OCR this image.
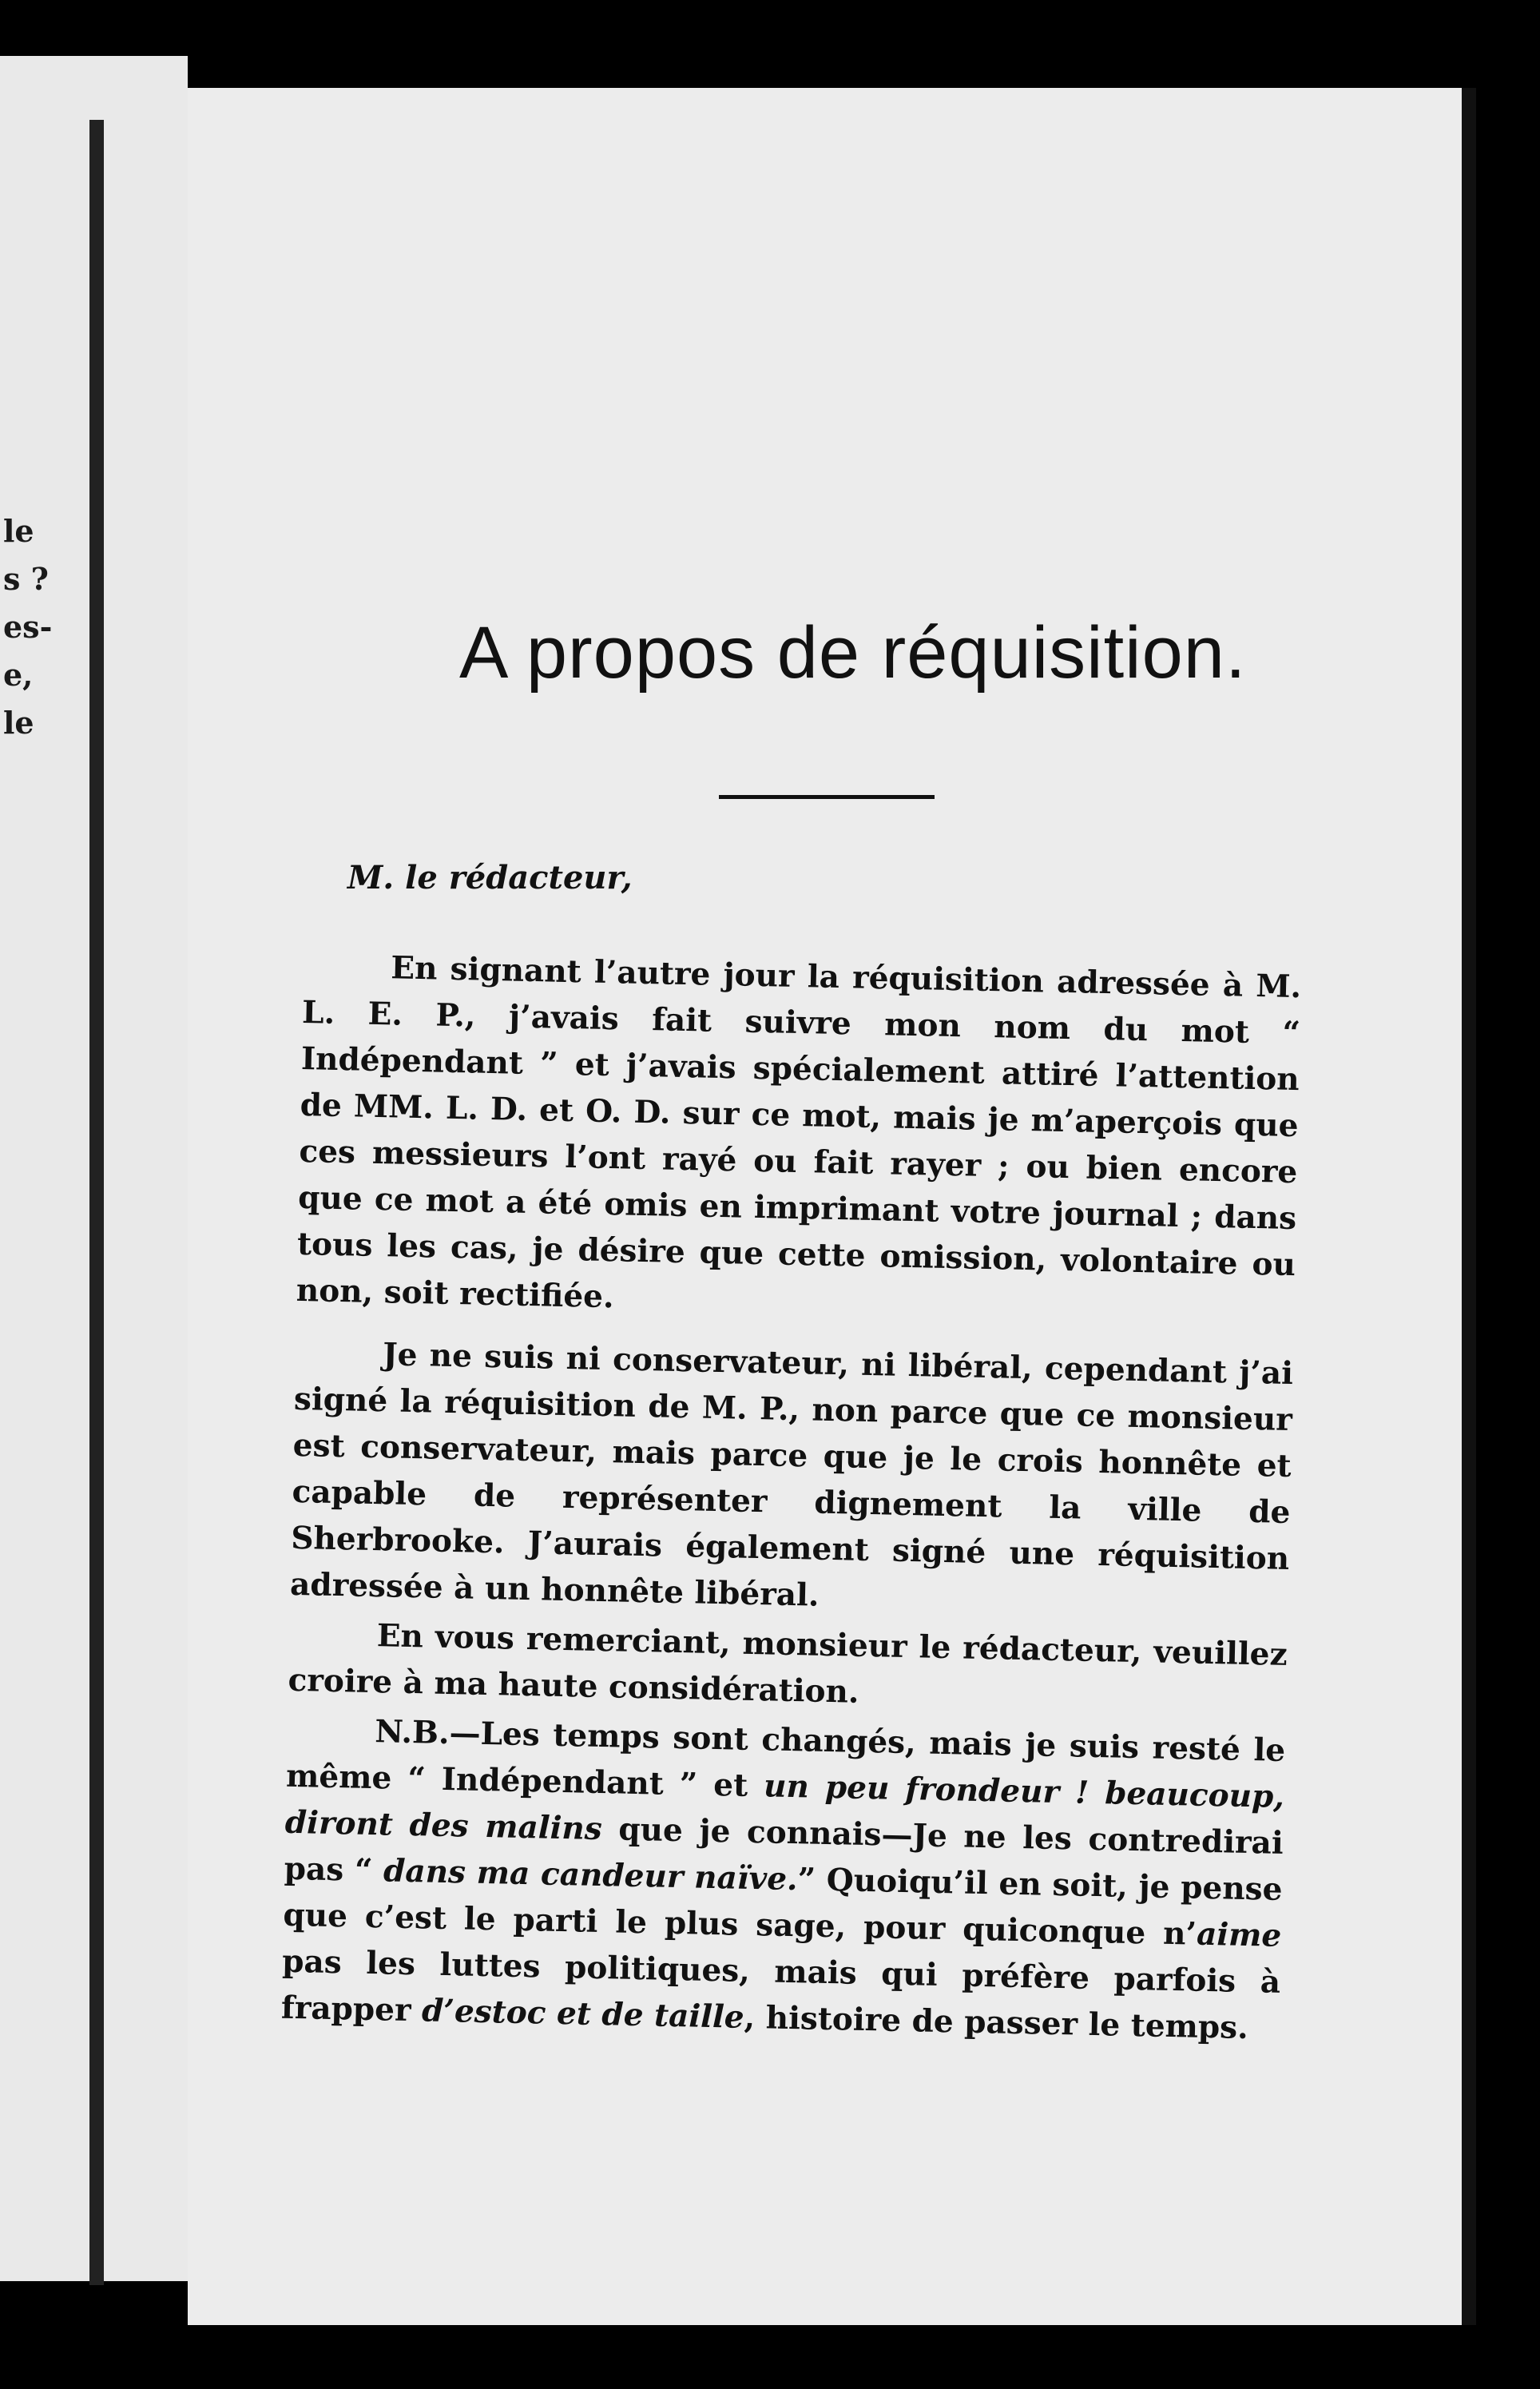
le
s ?
es-
e,
le
A propos de réquisition.
M. le rédacteur,

En signant l’autre jour la réquisition adressée à M. L. E. P., j’avais fait suivre mon nom du mot “ Indépendant ” et j’avais spécialement attiré l’attention de MM. L. D. et O. D. sur ce mot, mais je m’aperçois que ces messieurs l’ont rayé ou fait rayer ; ou bien encore que ce mot a été omis en imprimant votre journal ; dans tous les cas, je désire que cette omission, volontaire ou non, soit rectifiée.

Je ne suis ni conservateur, ni libéral, cependant j’ai signé la réquisition de M. P., non parce que ce monsieur est conservateur, mais parce que je le crois honnête et capable de représenter dignement la ville de Sherbrooke. J’aurais également signé une réquisition adressée à un honnête libéral.

En vous remerciant, monsieur le rédacteur, veuillez croire à ma haute considération.

N.B.—Les temps sont changés, mais je suis resté le même “ Indépendant ” et un peu frondeur ! beaucoup, diront des malins que je connais—Je ne les contredirai pas “ dans ma candeur naïve.” Quoiqu’il en soit, je pense que c’est le parti le plus sage, pour quiconque n’aime pas les luttes politiques, mais qui préfère parfois à frapper d’estoc et de taille, histoire de passer le temps.
